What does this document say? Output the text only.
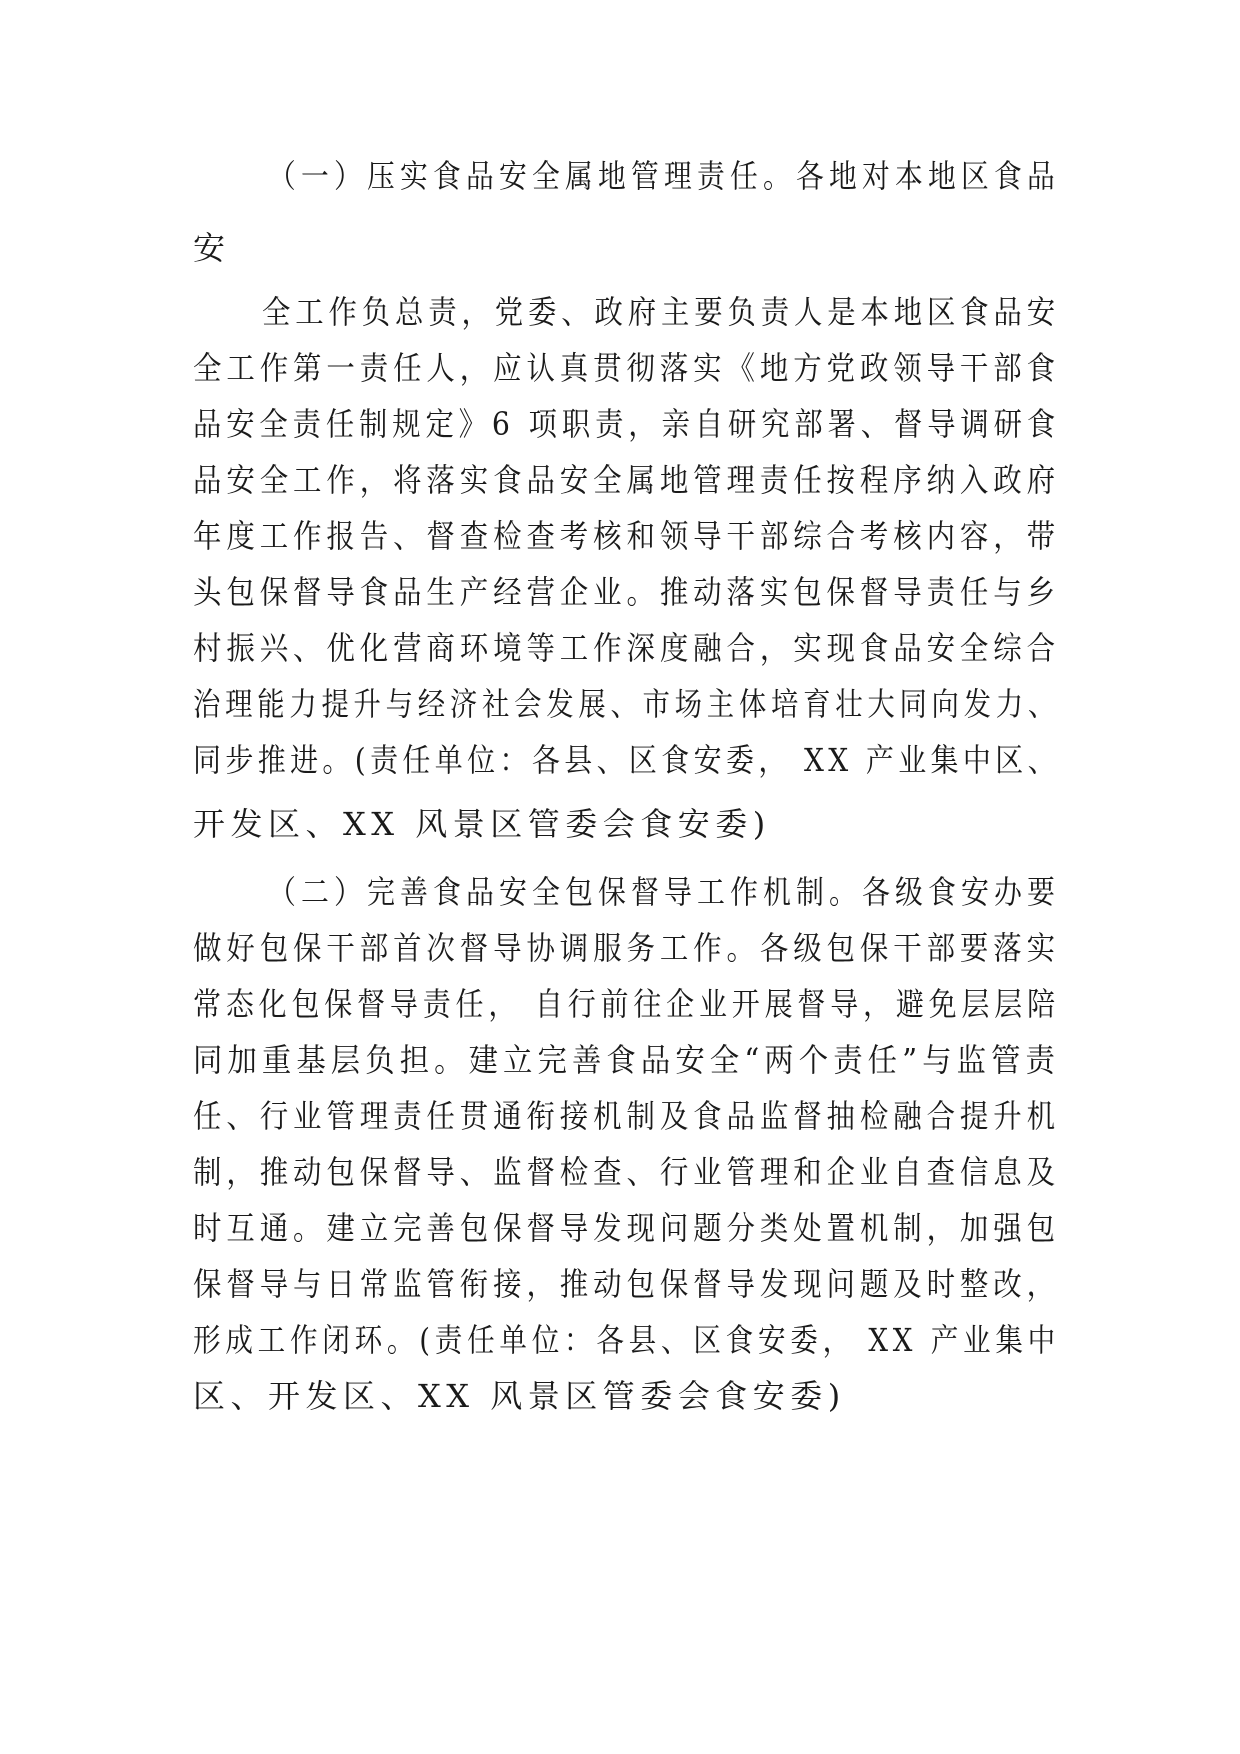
（一）压实食品安全属地管理责任。各地对本地区食品
安
全工作负总责，党委、政府主要负责人是本地区食品安
全工作第一责任人，应认真贯彻落实《地方党政领导干部食
品安全责任制规定》6 项职责，亲自研究部署、督导调研食
品安全工作，将落实食品安全属地管理责任按程序纳入政府
年度工作报告、督查检查考核和领导干部综合考核内容，带
头包保督导食品生产经营企业。推动落实包保督导责任与乡
村振兴、优化营商环境等工作深度融合，实现食品安全综合
治理能力提升与经济社会发展、市场主体培育壮大同向发力、
同步推进。(责任单位：各县、区食安委， XX 产业集中区、
开发区、XX 风景区管委会食安委)
（二）完善食品安全包保督导工作机制。各级食安办要
做好包保干部首次督导协调服务工作。各级包保干部要落实
常态化包保督导责任， 自行前往企业开展督导，避免层层陪
同加重基层负担。建立完善食品安全“两个责任”与监管责
任、行业管理责任贯通衔接机制及食品监督抽检融合提升机
制，推动包保督导、监督检查、行业管理和企业自查信息及
时互通。建立完善包保督导发现问题分类处置机制，加强包
保督导与日常监管衔接，推动包保督导发现问题及时整改，
形成工作闭环。(责任单位：各县、区食安委， XX 产业集中
区、开发区、XX 风景区管委会食安委)
